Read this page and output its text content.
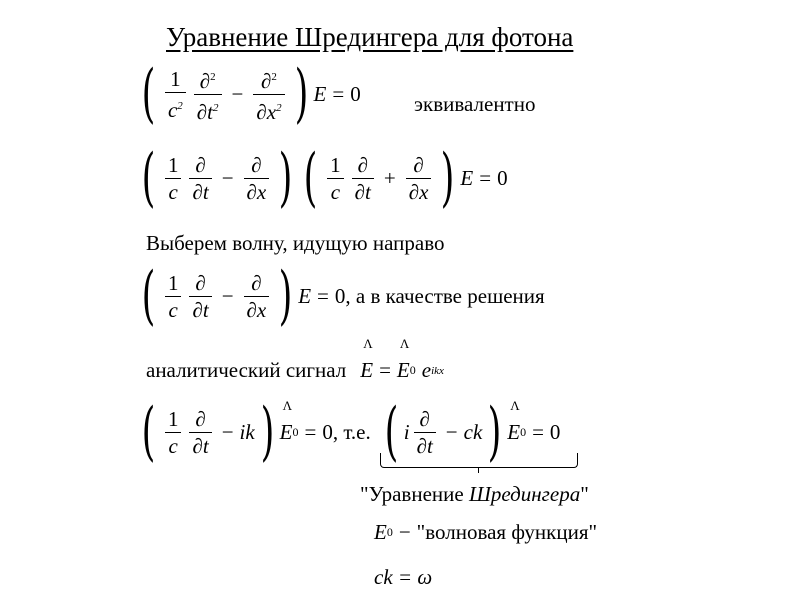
Уравнение Шредингера для фотона
( $\frac{1}{c^2} \frac{\partial^2}{\partial t^2} - \frac{\partial^2}{\partial x^2}$ ) E = 0	эквивалентно
( $\frac{1}{c} \frac{\partial}{\partial t} - \frac{\partial}{\partial x}$ ) ( $\frac{1}{c} \frac{\partial}{\partial t} + \frac{\partial}{\partial x}$ ) E = 0
Выберем волну, идущую направо
( $\frac{1}{c} \frac{\partial}{\partial t} - \frac{\partial}{\partial x}$ ) E = 0 , а в качестве решения
аналитический сигнал Λ E = Λ E 0 e ikx
( $\frac{1}{c} \frac{\partial}{\partial t}$ − ik ) Λ E 0 = 0 , т.е. ( i $\frac{\partial}{\partial t}$ − ck ) Λ E 0 = 0
"Уравнение Шредингера"
E 0 − "волновая функция"
ck = ω
